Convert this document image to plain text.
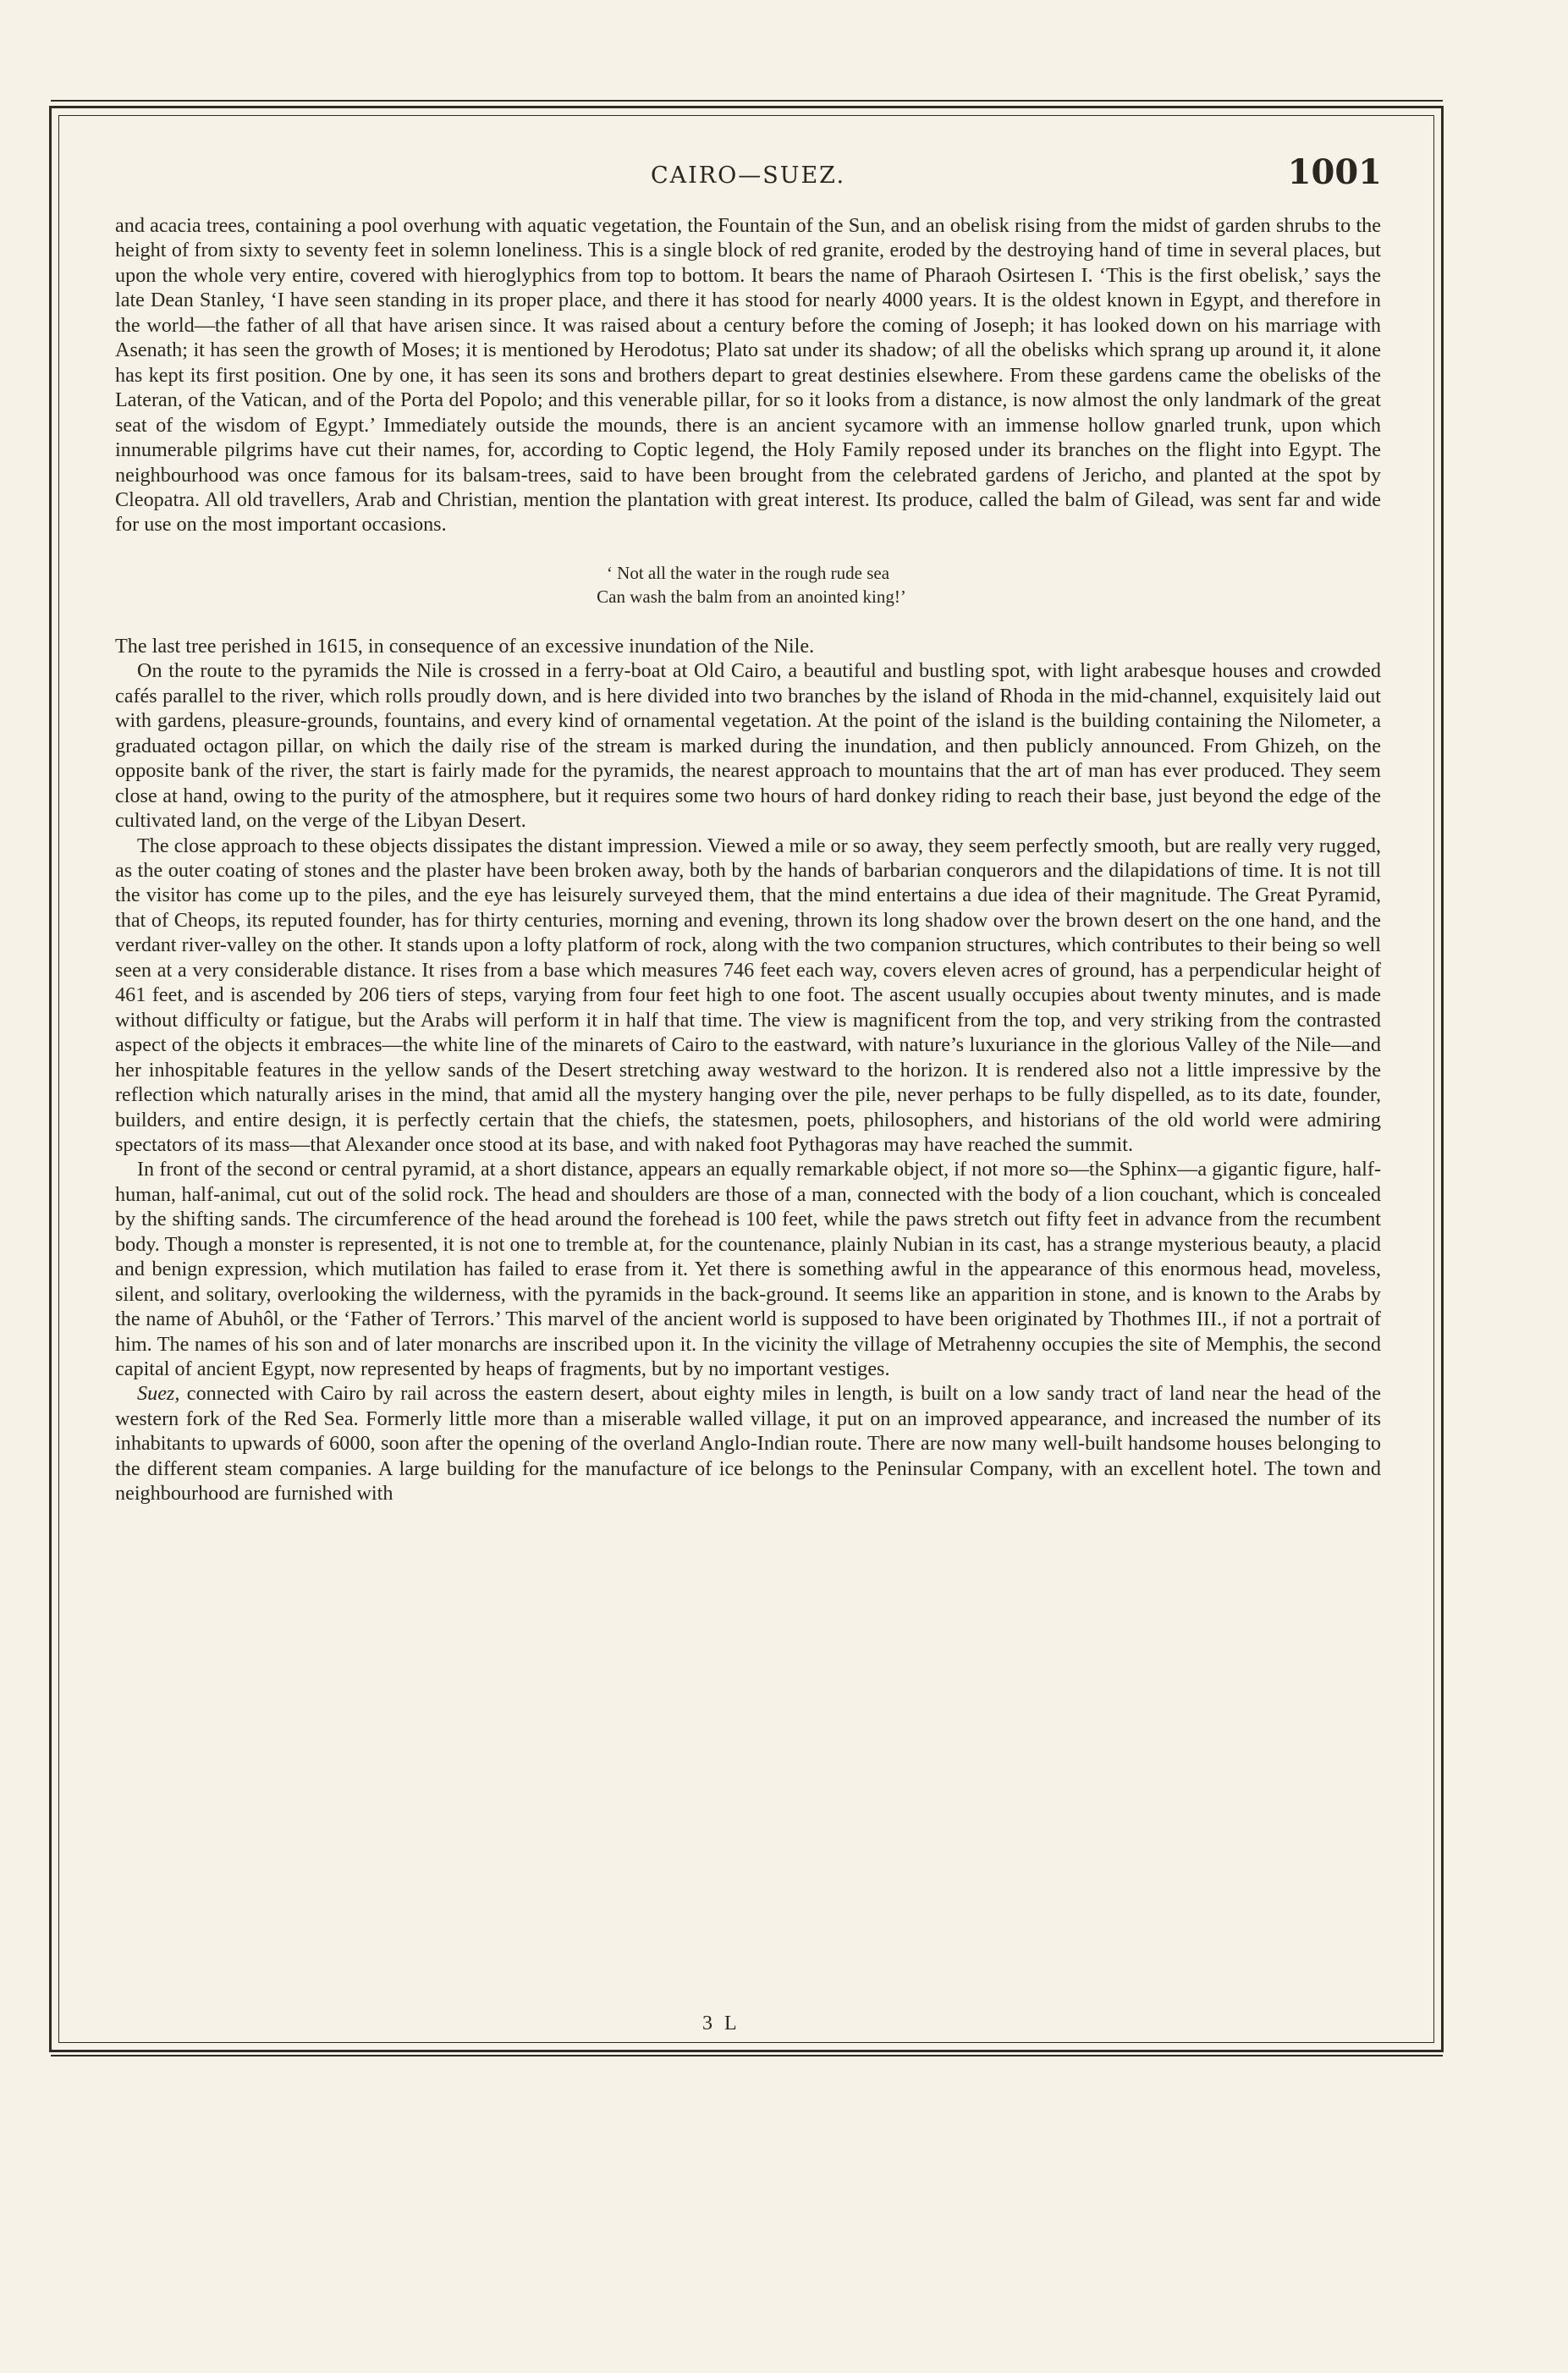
CAIRO—SUEZ.	1001

and acacia trees, containing a pool overhung with aquatic vegetation, the Fountain of the Sun, and an obelisk rising from the midst of garden shrubs to the height of from sixty to seventy feet in solemn loneliness. This is a single block of red granite, eroded by the destroying hand of time in several places, but upon the whole very entire, covered with hieroglyphics from top to bottom. It bears the name of Pharaoh Osirtesen I. ‘This is the first obelisk,’ says the late Dean Stanley, ‘I have seen standing in its proper place, and there it has stood for nearly 4000 years. It is the oldest known in Egypt, and therefore in the world—the father of all that have arisen since. It was raised about a century before the coming of Joseph; it has looked down on his marriage with Asenath; it has seen the growth of Moses; it is mentioned by Herodotus; Plato sat under its shadow; of all the obelisks which sprang up around it, it alone has kept its first position. One by one, it has seen its sons and brothers depart to great destinies elsewhere. From these gardens came the obelisks of the Lateran, of the Vatican, and of the Porta del Popolo; and this venerable pillar, for so it looks from a distance, is now almost the only landmark of the great seat of the wisdom of Egypt.’ Immediately outside the mounds, there is an ancient sycamore with an immense hollow gnarled trunk, upon which innumerable pilgrims have cut their names, for, according to Coptic legend, the Holy Family reposed under its branches on the flight into Egypt. The neighbourhood was once famous for its balsam-trees, said to have been brought from the celebrated gardens of Jericho, and planted at the spot by Cleopatra. All old travellers, Arab and Christian, mention the plantation with great interest. Its produce, called the balm of Gilead, was sent far and wide for use on the most important occasions.

‘ Not all the water in the rough rude sea
Can wash the balm from an anointed king!’

The last tree perished in 1615, in consequence of an excessive inundation of the Nile.

On the route to the pyramids the Nile is crossed in a ferry-boat at Old Cairo, a beautiful and bustling spot, with light arabesque houses and crowded cafés parallel to the river, which rolls proudly down, and is here divided into two branches by the island of Rhoda in the mid-channel, exquisitely laid out with gardens, pleasure-grounds, fountains, and every kind of ornamental vegetation. At the point of the island is the building containing the Nilometer, a graduated octagon pillar, on which the daily rise of the stream is marked during the inundation, and then publicly announced. From Ghizeh, on the opposite bank of the river, the start is fairly made for the pyramids, the nearest approach to mountains that the art of man has ever produced. They seem close at hand, owing to the purity of the atmosphere, but it requires some two hours of hard donkey riding to reach their base, just beyond the edge of the cultivated land, on the verge of the Libyan Desert.

The close approach to these objects dissipates the distant impression. Viewed a mile or so away, they seem perfectly smooth, but are really very rugged, as the outer coating of stones and the plaster have been broken away, both by the hands of barbarian conquerors and the dilapidations of time. It is not till the visitor has come up to the piles, and the eye has leisurely surveyed them, that the mind entertains a due idea of their magnitude. The Great Pyramid, that of Cheops, its reputed founder, has for thirty centuries, morning and evening, thrown its long shadow over the brown desert on the one hand, and the verdant river-valley on the other. It stands upon a lofty platform of rock, along with the two companion structures, which contributes to their being so well seen at a very considerable distance. It rises from a base which measures 746 feet each way, covers eleven acres of ground, has a perpendicular height of 461 feet, and is ascended by 206 tiers of steps, varying from four feet high to one foot. The ascent usually occupies about twenty minutes, and is made without difficulty or fatigue, but the Arabs will perform it in half that time. The view is magnificent from the top, and very striking from the contrasted aspect of the objects it embraces—the white line of the minarets of Cairo to the eastward, with nature’s luxuriance in the glorious Valley of the Nile—and her inhospitable features in the yellow sands of the Desert stretching away westward to the horizon. It is rendered also not a little impressive by the reflection which naturally arises in the mind, that amid all the mystery hanging over the pile, never perhaps to be fully dispelled, as to its date, founder, builders, and entire design, it is perfectly certain that the chiefs, the statesmen, poets, philosophers, and historians of the old world were admiring spectators of its mass—that Alexander once stood at its base, and with naked foot Pythagoras may have reached the summit.

In front of the second or central pyramid, at a short distance, appears an equally remarkable object, if not more so—the Sphinx—a gigantic figure, half-human, half-animal, cut out of the solid rock. The head and shoulders are those of a man, connected with the body of a lion couchant, which is concealed by the shifting sands. The circumference of the head around the forehead is 100 feet, while the paws stretch out fifty feet in advance from the recumbent body. Though a monster is represented, it is not one to tremble at, for the countenance, plainly Nubian in its cast, has a strange mysterious beauty, a placid and benign expression, which mutilation has failed to erase from it. Yet there is something awful in the appearance of this enormous head, moveless, silent, and solitary, overlooking the wilderness, with the pyramids in the back-ground. It seems like an apparition in stone, and is known to the Arabs by the name of Abuhôl, or the ‘Father of Terrors.’ This marvel of the ancient world is supposed to have been originated by Thothmes III., if not a portrait of him. The names of his son and of later monarchs are inscribed upon it. In the vicinity the village of Metrahenny occupies the site of Memphis, the second capital of ancient Egypt, now represented by heaps of fragments, but by no important vestiges.

Suez, connected with Cairo by rail across the eastern desert, about eighty miles in length, is built on a low sandy tract of land near the head of the western fork of the Red Sea. Formerly little more than a miserable walled village, it put on an improved appearance, and increased the number of its inhabitants to upwards of 6000, soon after the opening of the overland Anglo-Indian route. There are now many well-built handsome houses belonging to the different steam companies. A large building for the manufacture of ice belongs to the Peninsular Company, with an excellent hotel. The town and neighbourhood are furnished with

3 L
